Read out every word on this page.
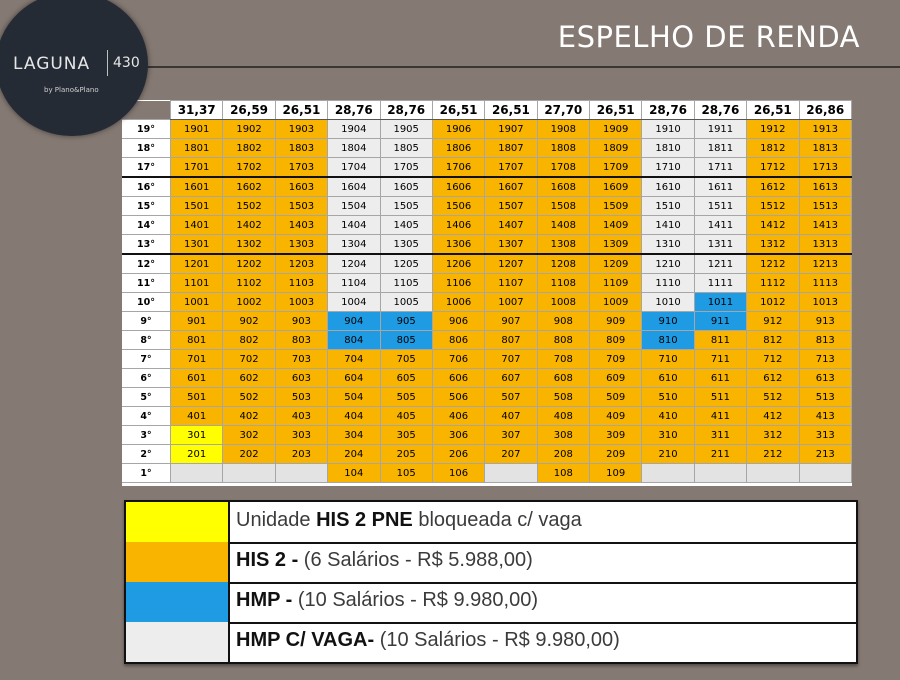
LAGUNA 430
by Plano&Plano
ESPELHO DE RENDA
	31,37	26,59	26,51	28,76	28,76	26,51	26,51	27,70	26,51	28,76	28,76	26,51	26,86
19°	1901	1902	1903	1904	1905	1906	1907	1908	1909	1910	1911	1912	1913
18°	1801	1802	1803	1804	1805	1806	1807	1808	1809	1810	1811	1812	1813
17°	1701	1702	1703	1704	1705	1706	1707	1708	1709	1710	1711	1712	1713
16°	1601	1602	1603	1604	1605	1606	1607	1608	1609	1610	1611	1612	1613
15°	1501	1502	1503	1504	1505	1506	1507	1508	1509	1510	1511	1512	1513
14°	1401	1402	1403	1404	1405	1406	1407	1408	1409	1410	1411	1412	1413
13°	1301	1302	1303	1304	1305	1306	1307	1308	1309	1310	1311	1312	1313
12°	1201	1202	1203	1204	1205	1206	1207	1208	1209	1210	1211	1212	1213
11°	1101	1102	1103	1104	1105	1106	1107	1108	1109	1110	1111	1112	1113
10°	1001	1002	1003	1004	1005	1006	1007	1008	1009	1010	1011	1012	1013
9°	901	902	903	904	905	906	907	908	909	910	911	912	913
8°	801	802	803	804	805	806	807	808	809	810	811	812	813
7°	701	702	703	704	705	706	707	708	709	710	711	712	713
6°	601	602	603	604	605	606	607	608	609	610	611	612	613
5°	501	502	503	504	505	506	507	508	509	510	511	512	513
4°	401	402	403	404	405	406	407	408	409	410	411	412	413
3°	301	302	303	304	305	306	307	308	309	310	311	312	313
2°	201	202	203	204	205	206	207	208	209	210	211	212	213
1°				104	105	106		108	109				
Unidade HIS 2 PNE bloqueada c/ vaga
HIS 2 - (6 Salários - R$ 5.988,00)
HMP - (10 Salários - R$ 9.980,00)
HMP C/ VAGA- (10 Salários - R$ 9.980,00)
